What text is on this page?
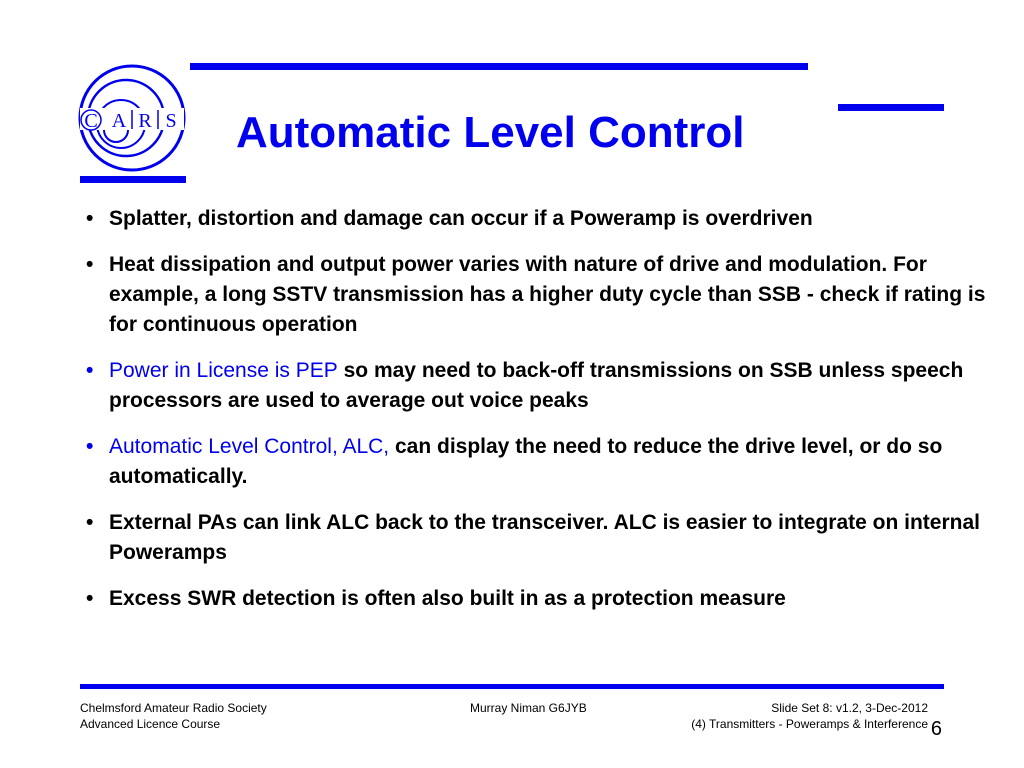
C A R S Automatic Level Control
• Splatter, distortion and damage can occur if a Poweramp is overdriven
• Heat dissipation and output power varies with nature of drive and modulation. For example, a long SSTV transmission has a higher duty cycle than SSB - check if rating is for continuous operation
• Power in License is PEP so may need to back-off transmissions on SSB unless speech processors are used to average out voice peaks
• Automatic Level Control, ALC, can display the need to reduce the drive level, or do so automatically.
• External PAs can link ALC back to the transceiver. ALC is easier to integrate on internal Poweramps
• Excess SWR detection is often also built in as a protection measure
Chelmsford Amateur Radio Society
Advanced Licence Course
Murray Niman G6JYB	Slide Set 8: v1.2, 3-Dec-2012
(4) Transmitters - Poweramps & Interference 6
